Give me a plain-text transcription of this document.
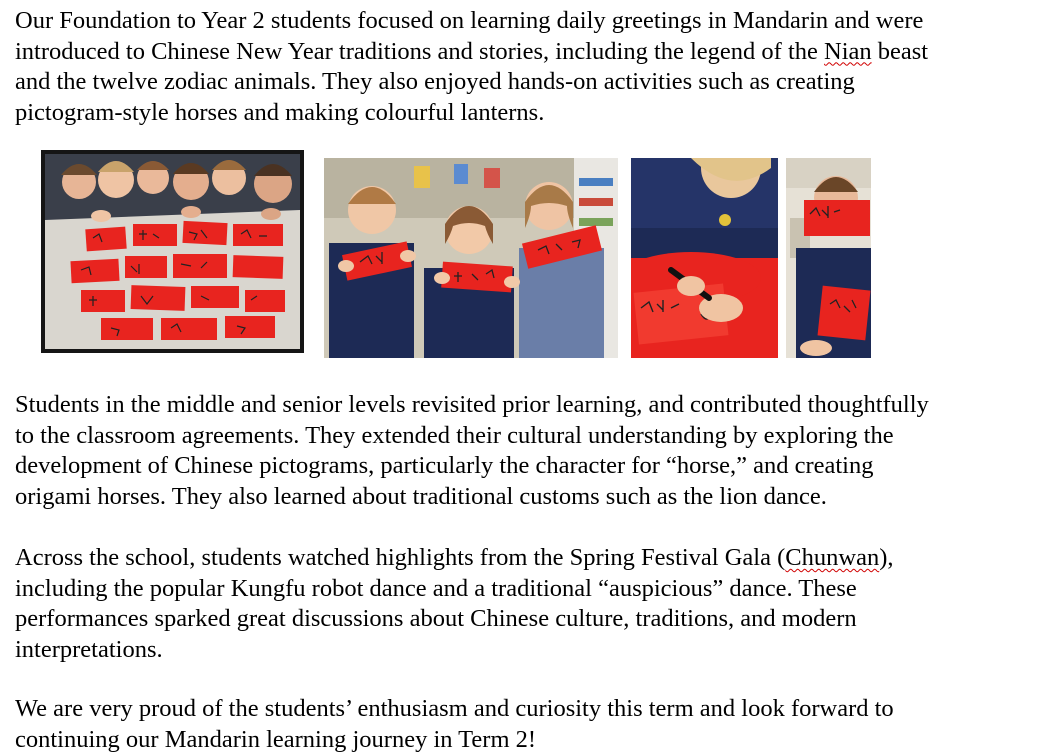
Our Foundation to Year 2 students focused on learning daily greetings in Mandarin and were
introduced to Chinese New Year traditions and stories, including the legend of the Nian beast
and the twelve zodiac animals. They also enjoyed hands-on activities such as creating
pictogram-style horses and making colourful lanterns.

Students in the middle and senior levels revisited prior learning, and contributed thoughtfully
to the classroom agreements. They extended their cultural understanding by exploring the
development of Chinese pictograms, particularly the character for “horse,” and creating
origami horses. They also learned about traditional customs such as the lion dance.

Across the school, students watched highlights from the Spring Festival Gala (Chunwan),
including the popular Kungfu robot dance and a traditional “auspicious” dance. These
performances sparked great discussions about Chinese culture, traditions, and modern
interpretations.

We are very proud of the students’ enthusiasm and curiosity this term and look forward to
continuing our Mandarin learning journey in Term 2!
